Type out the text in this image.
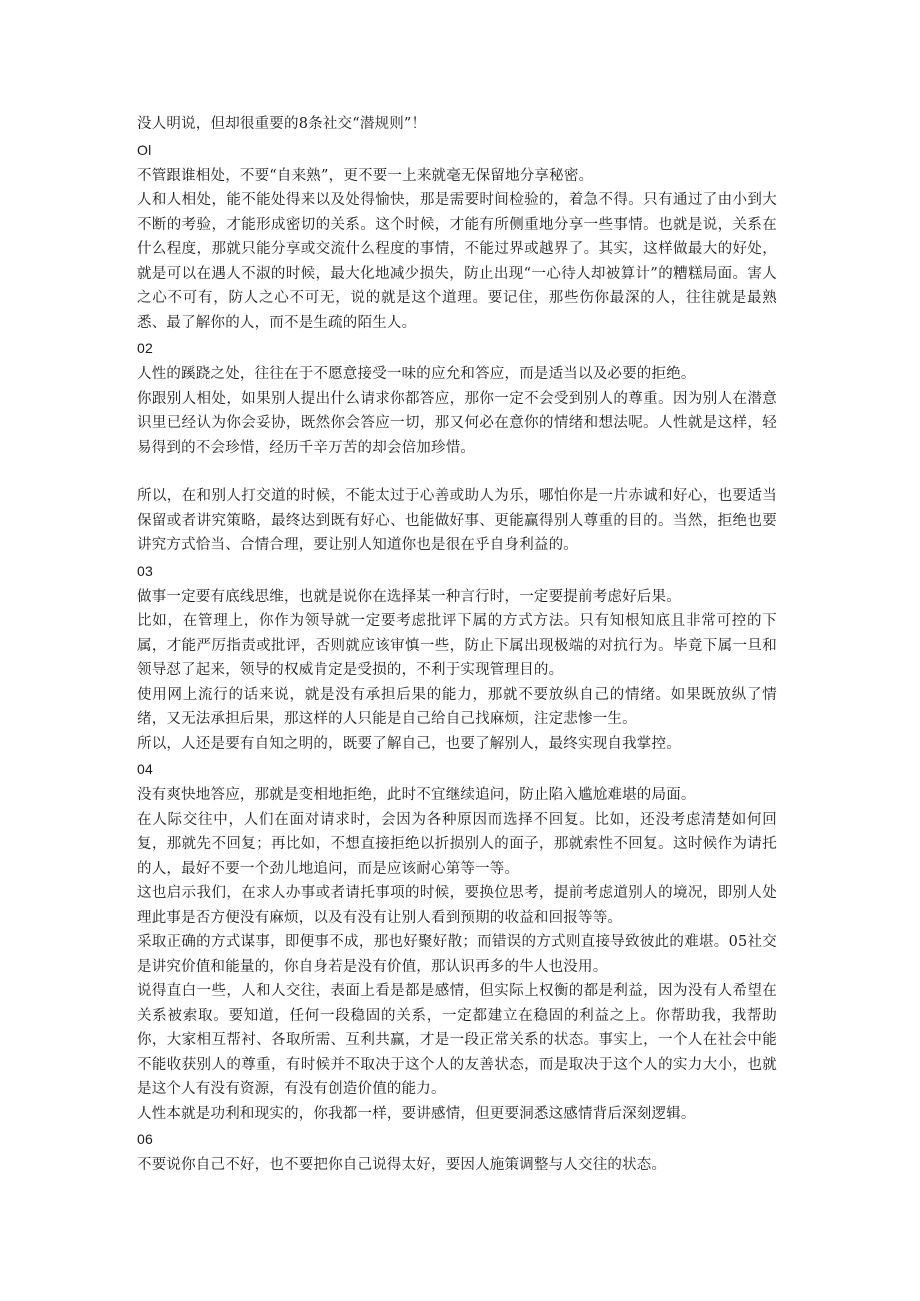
没人明说，但却很重要的8条社交“潜规则”！

Ol

不管跟谁相处，不要“自来熟”，更不要一上来就毫无保留地分享秘密。

人和人相处，能不能处得来以及处得愉快，那是需要时间检验的，着急不得。只有通过了由小到大不断的考验，才能形成密切的关系。这个时候，才能有所侧重地分享一些事情。也就是说，关系在什么程度，那就只能分享或交流什么程度的事情，不能过界或越界了。其实，这样做最大的好处，就是可以在遇人不淑的时候，最大化地减少损失，防止出现“一心待人却被算计”的糟糕局面。害人之心不可有，防人之心不可无，说的就是这个道理。要记住，那些伤你最深的人，往往就是最熟悉、最了解你的人，而不是生疏的陌生人。

02

人性的蹊跷之处，往往在于不愿意接受一味的应允和答应，而是适当以及必要的拒绝。

你跟别人相处，如果别人提出什么请求你都答应，那你一定不会受到别人的尊重。因为别人在潜意识里已经认为你会妥协，既然你会答应一切，那又何必在意你的情绪和想法呢。人性就是这样，轻易得到的不会珍惜，经历千辛万苦的却会倍加珍惜。

所以，在和别人打交道的时候，不能太过于心善或助人为乐，哪怕你是一片赤诚和好心，也要适当保留或者讲究策略，最终达到既有好心、也能做好事、更能赢得别人尊重的目的。当然，拒绝也要讲究方式恰当、合情合理，要让别人知道你也是很在乎自身利益的。

03

做事一定要有底线思维，也就是说你在选择某一种言行时，一定要提前考虑好后果。

比如，在管理上，你作为领导就一定要考虑批评下属的方式方法。只有知根知底且非常可控的下属，才能严厉指责或批评，否则就应该审慎一些，防止下属出现极端的对抗行为。毕竟下属一旦和领导怼了起来，领导的权威肯定是受损的，不利于实现管理目的。

使用网上流行的话来说，就是没有承担后果的能力，那就不要放纵自己的情绪。如果既放纵了情绪，又无法承担后果，那这样的人只能是自己给自己找麻烦，注定悲惨一生。

所以，人还是要有自知之明的，既要了解自己，也要了解别人，最终实现自我掌控。

04

没有爽快地答应，那就是变相地拒绝，此时不宜继续追问，防止陷入尴尬难堪的局面。

在人际交往中，人们在面对请求时，会因为各种原因而选择不回复。比如，还没考虑清楚如何回复，那就先不回复；再比如，不想直接拒绝以折损别人的面子，那就索性不回复。这时候作为请托的人，最好不要一个劲儿地追问，而是应该耐心第等一等。

这也启示我们，在求人办事或者请托事项的时候，要换位思考，提前考虑道别人的境况，即别人处理此事是否方便没有麻烦，以及有没有让别人看到预期的收益和回报等等。

采取正确的方式谋事，即便事不成，那也好聚好散；而错误的方式则直接导致彼此的难堪。05社交是讲究价值和能量的，你自身若是没有价值，那认识再多的牛人也没用。

说得直白一些，人和人交往，表面上看是都是感情，但实际上权衡的都是利益，因为没有人希望在关系被索取。要知道，任何一段稳固的关系，一定都建立在稳固的利益之上。你帮助我，我帮助你，大家相互帮衬、各取所需、互利共赢，才是一段正常关系的状态。事实上，一个人在社会中能不能收获别人的尊重，有时候并不取决于这个人的友善状态，而是取决于这个人的实力大小，也就是这个人有没有资源，有没有创造价值的能力。

人性本就是功利和现实的，你我都一样，要讲感情，但更要洞悉这感情背后深刻逻辑。

06

不要说你自己不好，也不要把你自己说得太好，要因人施策调整与人交往的状态。
